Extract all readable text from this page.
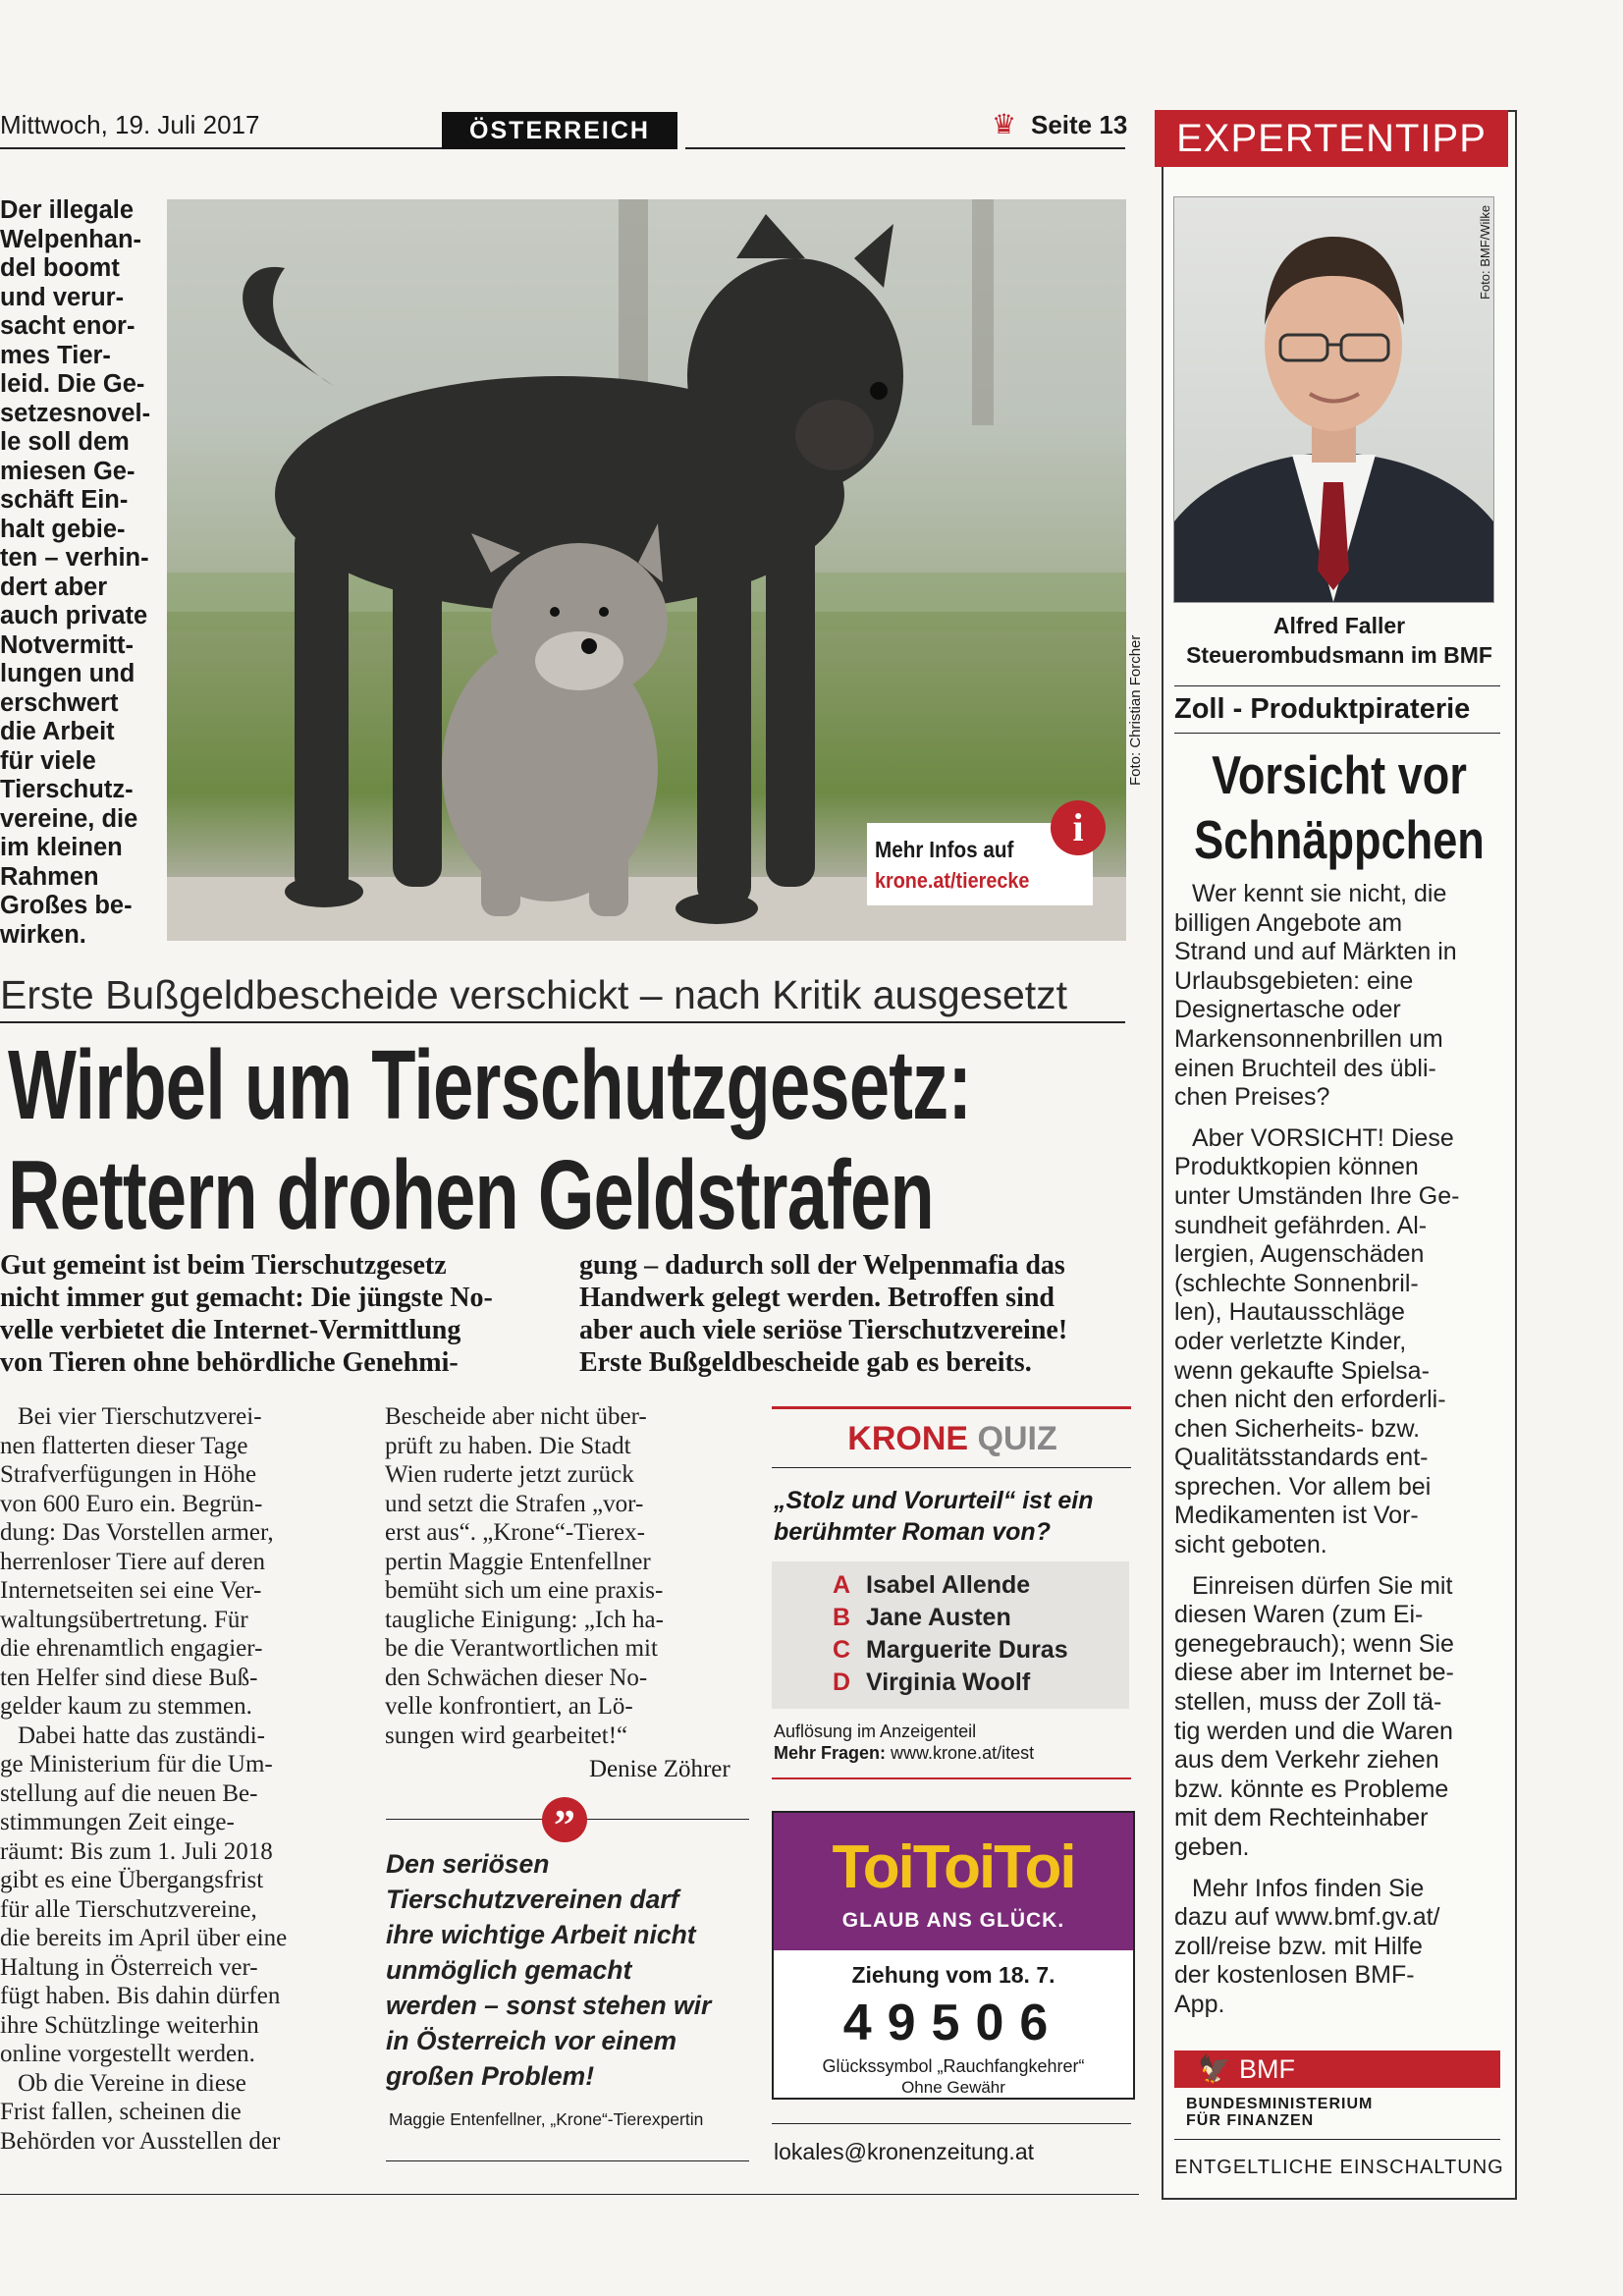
Mittwoch, 19. Juli 2017	ÖSTERREICH	♛ Seite 13
Der illegale
Welpenhan-
del boomt
und verur-
sacht enor-
mes Tier-
leid. Die Ge-
setzesnovel-
le soll dem
miesen Ge-
schäft Ein-
halt gebie-
ten – verhin-
dert aber
auch private
Notvermitt-
lungen und
erschwert
die Arbeit
für viele
Tierschutz-
vereine, die
im kleinen
Rahmen
Großes be-
wirken.
Foto: Christian Forcher
Mehr Infos auf
krone.at/tierecke
i
Erste Bußgeldbescheide verschickt – nach Kritik ausgesetzt
Wirbel um Tierschutzgesetz:
Rettern drohen Geldstrafen
Gut gemeint ist beim Tierschutzgesetz
nicht immer gut gemacht: Die jüngste No-
velle verbietet die Internet-Vermittlung
von Tieren ohne behördliche Genehmi-
gung – dadurch soll der Welpenmafia das
Handwerk gelegt werden. Betroffen sind
aber auch viele seriöse Tierschutzvereine!
Erste Bußgeldbescheide gab es bereits.
Bei vier Tierschutzverei-
nen flatterten dieser Tage
Strafverfügungen in Höhe
von 600 Euro ein. Begrün-
dung: Das Vorstellen armer,
herrenloser Tiere auf deren
Internetseiten sei eine Ver-
waltungsübertretung. Für
die ehrenamtlich engagier-
ten Helfer sind diese Buß-
gelder kaum zu stemmen.
Dabei hatte das zuständi-
ge Ministerium für die Um-
stellung auf die neuen Be-
stimmungen Zeit einge-
räumt: Bis zum 1. Juli 2018
gibt es eine Übergangsfrist
für alle Tierschutzvereine,
die bereits im April über eine
Haltung in Österreich ver-
fügt haben. Bis dahin dürfen
ihre Schützlinge weiterhin
online vorgestellt werden.
Ob die Vereine in diese
Frist fallen, scheinen die
Behörden vor Ausstellen der
Bescheide aber nicht über-
prüft zu haben. Die Stadt
Wien ruderte jetzt zurück
und setzt die Strafen „vor-
erst aus“. „Krone“-Tierex-
pertin Maggie Entenfellner
bemüht sich um eine praxis-
taugliche Einigung: „Ich ha-
be die Verantwortlichen mit
den Schwächen dieser No-
velle konfrontiert, an Lö-
sungen wird gearbeitet!“
Denise Zöhrer
”
Den seriösen
Tierschutzvereinen darf
ihre wichtige Arbeit nicht
unmöglich gemacht
werden – sonst stehen wir
in Österreich vor einem
großen Problem!
Maggie Entenfellner, „Krone“-Tierexpertin
KRONE QUIZ
„Stolz und Vorurteil“ ist ein
berühmter Roman von?
A Isabel Allende
B Jane Austen
C Marguerite Duras
D Virginia Woolf
Auflösung im Anzeigenteil
Mehr Fragen: www.krone.at/itest
ToiToiToi
GLAUB ANS GLÜCK.
Ziehung vom 18. 7.
49506
Glückssymbol „Rauchfangkehrer“
Ohne Gewähr
lokales@kronenzeitung.at
EXPERTENTIPP
Foto: BMF/Wilke
Alfred Faller
Steuerombudsmann im BMF
Zoll - Produktpiraterie
Vorsicht vor
Schnäppchen
Wer kennt sie nicht, die
billigen Angebote am
Strand und auf Märkten in
Urlaubsgebieten: eine
Designertasche oder
Markensonnenbrillen um
einen Bruchteil des übli-
chen Preises?
Aber VORSICHT! Diese
Produktkopien können
unter Umständen Ihre Ge-
sundheit gefährden. Al-
lergien, Augenschäden
(schlechte Sonnenbril-
len), Hautausschläge
oder verletzte Kinder,
wenn gekaufte Spielsa-
chen nicht den erforderli-
chen Sicherheits- bzw.
Qualitätsstandards ent-
sprechen. Vor allem bei
Medikamenten ist Vor-
sicht geboten.
Einreisen dürfen Sie mit
diesen Waren (zum Ei-
genegebrauch); wenn Sie
diese aber im Internet be-
stellen, muss der Zoll tä-
tig werden und die Waren
aus dem Verkehr ziehen
bzw. könnte es Probleme
mit dem Rechteinhaber
geben.
Mehr Infos finden Sie
dazu auf www.bmf.gv.at/
zoll/reise bzw. mit Hilfe
der kostenlosen BMF-
App.
🦅 BMF
BUNDESMINISTERIUM
FÜR FINANZEN
ENTGELTLICHE EINSCHALTUNG
